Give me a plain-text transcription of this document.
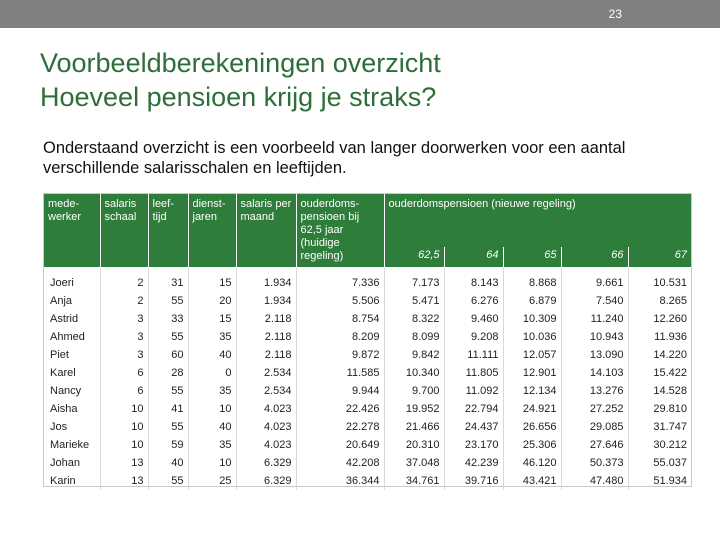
23
Voorbeeldberekeningen overzicht
Hoeveel pensioen krijg je straks?
Onderstaand overzicht is een voorbeeld van langer doorwerken voor een aantal verschillende salarisschalen en leeftijden.
mede- werker	salaris schaal	leef- tijd	dienst- jaren	salaris per maand	ouderdoms- pensioen bij 62,5 jaar (huidige regeling)	ouderdomspensioen (nieuwe regeling)				
						62,5	64	65	66	67
Joeri	2	31	15	1.934	7.336	7.173	8.143	8.868	9.661	10.531
Anja	2	55	20	1.934	5.506	5.471	6.276	6.879	7.540	8.265
Astrid	3	33	15	2.118	8.754	8.322	9.460	10.309	11.240	12.260
Ahmed	3	55	35	2.118	8.209	8.099	9.208	10.036	10.943	11.936
Piet	3	60	40	2.118	9.872	9.842	11.111	12.057	13.090	14.220
Karel	6	28	0	2.534	11.585	10.340	11.805	12.901	14.103	15.422
Nancy	6	55	35	2.534	9.944	9.700	11.092	12.134	13.276	14.528
Aisha	10	41	10	4.023	22.426	19.952	22.794	24.921	27.252	29.810
Jos	10	55	40	4.023	22.278	21.466	24.437	26.656	29.085	31.747
Marieke	10	59	35	4.023	20.649	20.310	23.170	25.306	27.646	30.212
Johan	13	40	10	6.329	42.208	37.048	42.239	46.120	50.373	55.037
Karin	13	55	25	6.329	36.344	34.761	39.716	43.421	47.480	51.934
